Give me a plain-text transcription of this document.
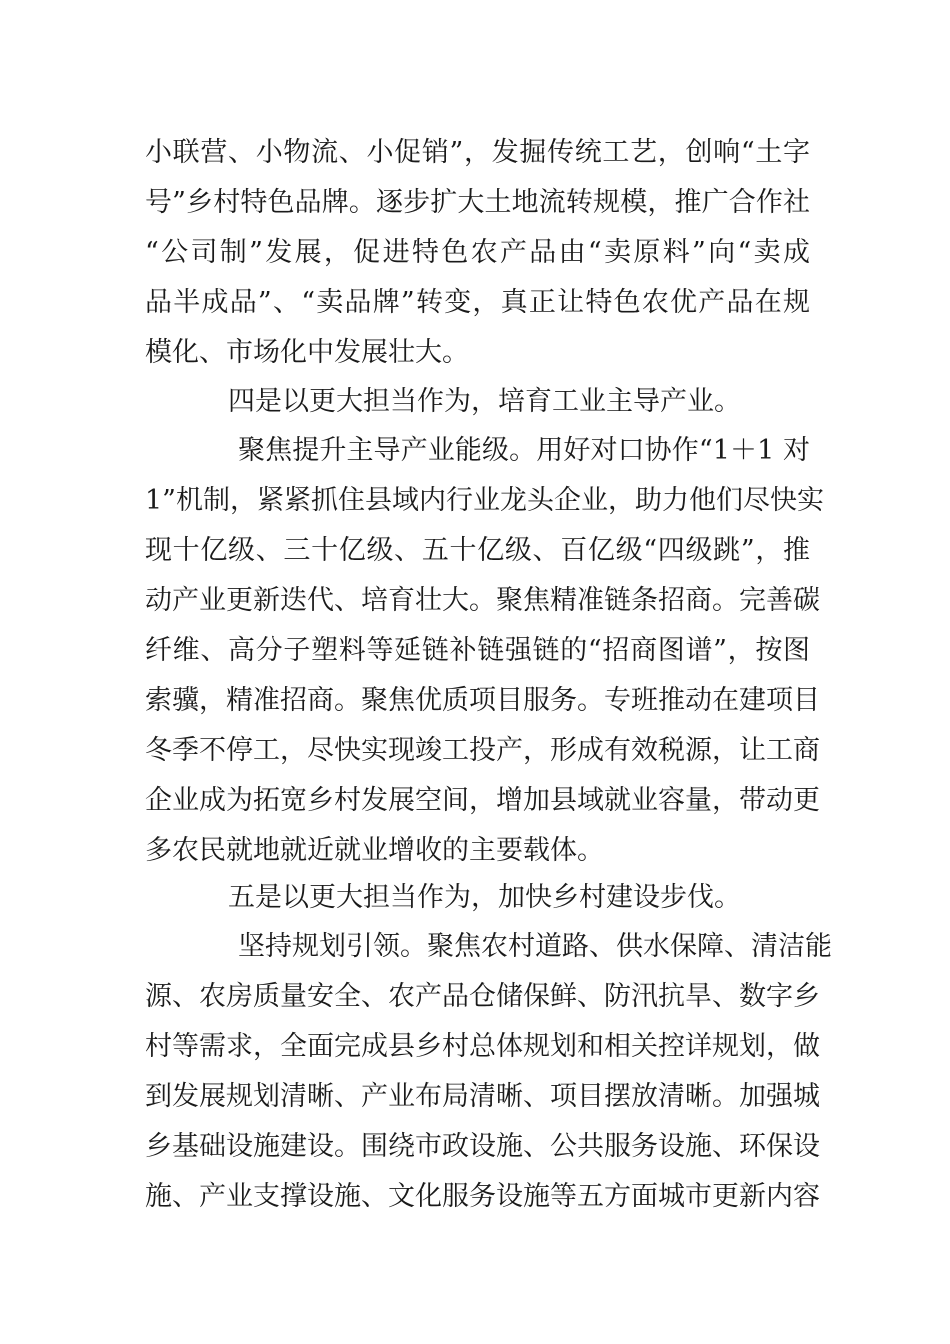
小联营、小物流、小促销”，发掘传统工艺，创响“土字
号”乡村特色品牌。逐步扩大土地流转规模，推广合作社
“公司制”发展，促进特色农产品由“卖原料”向“卖成
品半成品”、“卖品牌”转变，真正让特色农优产品在规
模化、市场化中发展壮大。
四是以更大担当作为，培育工业主导产业。
聚焦提升主导产业能级。用好对口协作“1＋1 对
1”机制，紧紧抓住县域内行业龙头企业，助力他们尽快实
现十亿级、三十亿级、五十亿级、百亿级“四级跳”，推
动产业更新迭代、培育壮大。聚焦精准链条招商。完善碳
纤维、高分子塑料等延链补链强链的“招商图谱”，按图
索骥，精准招商。聚焦优质项目服务。专班推动在建项目
冬季不停工，尽快实现竣工投产，形成有效税源，让工商
企业成为拓宽乡村发展空间，增加县域就业容量，带动更
多农民就地就近就业增收的主要载体。
五是以更大担当作为，加快乡村建设步伐。
坚持规划引领。聚焦农村道路、供水保障、清洁能
源、农房质量安全、农产品仓储保鲜、防汛抗旱、数字乡
村等需求，全面完成县乡村总体规划和相关控详规划，做
到发展规划清晰、产业布局清晰、项目摆放清晰。加强城
乡基础设施建设。围绕市政设施、公共服务设施、环保设
施、产业支撑设施、文化服务设施等五方面城市更新内容
